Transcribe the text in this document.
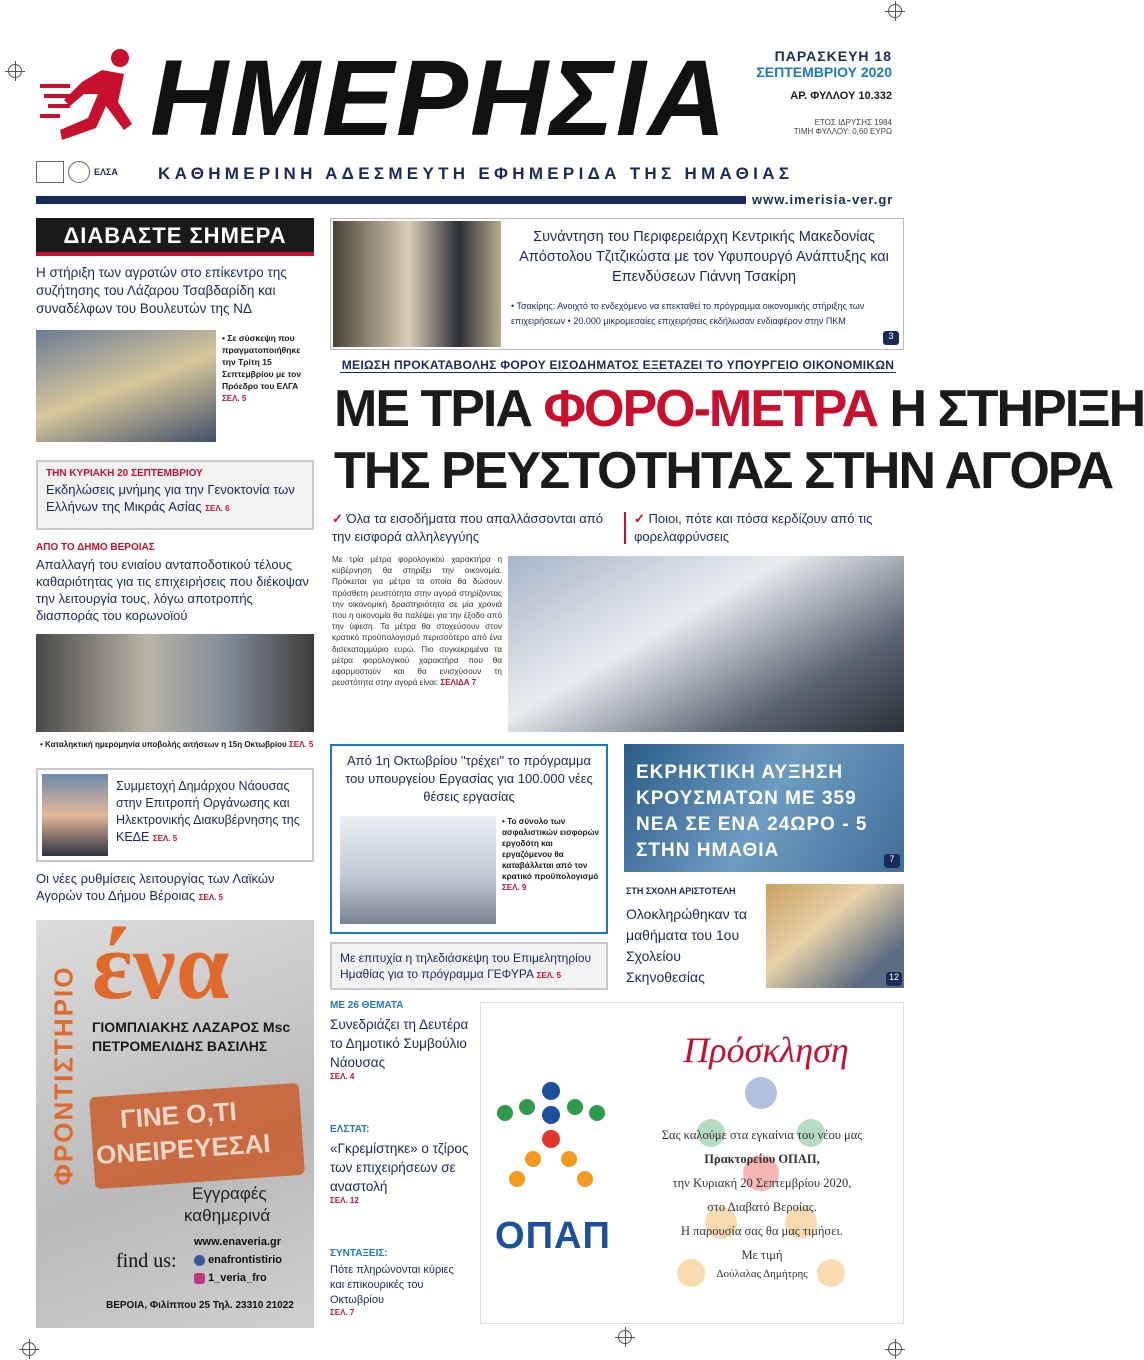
ΗΜΕΡΗΣΙΑ
ΕΛΣΑ ΚΑΘΗΜΕΡΙΝΗ ΑΔΕΣΜΕΥΤΗ ΕΦΗΜΕΡΙΔΑ ΤΗΣ ΗΜΑΘΙΑΣ
ΠΑΡΑΣΚΕΥΗ 18
ΣΕΠΤΕΜΒΡΙΟΥ 2020
ΑΡ. ΦΥΛΛΟΥ 10.332
ΕΤΟΣ ΙΔΡΥΣΗΣ 1984
ΤΙΜΗ ΦΥΛΛΟΥ: 0,60 ΕΥΡΩ
www.imerisia-ver.gr
ΔΙΑΒΑΣΤΕ ΣΗΜΕΡΑ
Η στήριξη των αγροτών στο επίκεντρο της συζήτησης του Λάζαρου Τσαβδαρίδη και συναδέλφων του Βουλευτών της ΝΔ
• Σε σύσκεψη που πραγματοποιήθηκε την Τρίτη 15 Σεπτεμβρίου με τον Πρόεδρο του ΕΛΓΑ ΣΕΛ. 5
ΤΗΝ ΚΥΡΙΑΚΗ 20 ΣΕΠΤΕΜΒΡΙΟΥ
Εκδηλώσεις μνήμης για την Γενοκτονία των Ελλήνων της Μικράς Ασίας ΣΕΛ. 6
ΑΠΟ ΤΟ ΔΗΜΟ ΒΕΡΟΙΑΣ
Απαλλαγή του ενιαίου ανταποδοτικού τέλους καθαριότητας για τις επιχειρήσεις που διέκοψαν την λειτουργία τους, λόγω αποτροπής διασποράς του κορωνοϊού
• Καταληκτική ημερομηνία υποβολής αιτήσεων η 15η Οκτωβρίου ΣΕΛ. 5
Συμμετοχή Δημάρχου Νάουσας στην Επιτροπή Οργάνωσης και Ηλεκτρονικής Διακυβέρνησης της ΚΕΔΕ ΣΕΛ. 5
Οι νέες ρυθμίσεις λειτουργίας των Λαϊκών Αγορών του Δήμου Βέροιας ΣΕΛ. 5
ΦΡΟΝΤΙΣΤΗΡΙΟ
ένα
ΓΙΟΜΠΛΙΑΚΗΣ ΛΑΖΑΡΟΣ Msc ΠΕΤΡΟΜΕΛΙΔΗΣ ΒΑΣΙΛΗΣ
ΓΙΝΕ Ο,ΤΙ
ΟΝΕΙΡΕΥΕΣΑΙ
Εγγραφές
καθημερινά
find us:
www.enaveria.gr
enafrontistirio
1_veria_fro
ΒΕΡΟΙΑ, Φιλίππου 25 Τηλ. 23310 21022
Συνάντηση του Περιφερειάρχη Κεντρικής Μακεδονίας Απόστολου Τζιτζικώστα με τον Υφυπουργό Ανάπτυξης και Επενδύσεων Γιάννη Τσακίρη
• Τσακίρης: Ανοιχτό το ενδεχόμενο να επεκταθεί το πρόγραμμα οικονομικής στήριξης των επιχειρήσεων • 20.000 μικρομεσαίες επιχειρήσεις εκδήλωσαν ενδιαφέρον στην ΠΚΜ
3
ΜΕΙΩΣΗ ΠΡΟΚΑΤΑΒΟΛΗΣ ΦΟΡΟΥ ΕΙΣΟΔΗΜΑΤΟΣ ΕΞΕΤΑΖΕΙ ΤΟ ΥΠΟΥΡΓΕΙΟ ΟΙΚΟΝΟΜΙΚΩΝ
ΜΕ ΤΡΙΑ ΦΟΡΟ-ΜΕΤΡΑ Η ΣΤΗΡΙΞΗ
ΤΗΣ ΡΕΥΣΤΟΤΗΤΑΣ ΣΤΗΝ ΑΓΟΡΑ
✓ Όλα τα εισοδήματα που απαλλάσσονται από την εισφορά αλληλεγγύης
✓ Ποιοι, πότε και πόσα κερδίζουν από τις φορελαφρύνσεις
Με τρία μέτρα φορολογικού χαρακτήρα η κυβέρνηση θα στηρίξει την οικονομία. Πρόκειται για μέτρα τα οποία θα δώσουν πρόσθετη ρευστότητα στην αγορά στηρίζοντας την οικονομική δραστηριότητα σε μία χρονιά που η οικονομία θα παλέψει για την έξοδο από την ύφεση. Τα μέτρα θα στοχεύσουν στον κρατικό προϋπολογισμό περισσότερο από ένα δισεκατομμύριο ευρώ. Πιο συγκεκριμένα τα μέτρα φορολογικού χαρακτήρα που θα εφαρμοστούν και θα ενισχύσουν τη ρευστότητα στην αγορά είναι: ΣΕΛΙΔΑ 7
Από 1η Οκτωβρίου "τρέχει" το πρόγραμμα του υπουργείου Εργασίας για 100.000 νέες θέσεις εργασίας
• Το σύνολο των ασφαλιστικών εισφορών εργοδότη και εργαζόμενου θα καταβάλλεται από τον κρατικό προϋπολογισμό ΣΕΛ. 9
Με επιτυχία η τηλεδιάσκεψη του Επιμελητηρίου Ημαθίας για το πρόγραμμα ΓΕΦΥΡΑ ΣΕΛ. 5
ΕΚΡΗΚΤΙΚΗ ΑΥΞΗΣΗ ΚΡΟΥΣΜΑΤΩΝ ΜΕ 359 ΝΕΑ ΣΕ ΕΝΑ 24ΩΡΟ - 5 ΣΤΗΝ ΗΜΑΘΙΑ	7
ΣΤΗ ΣΧΟΛΗ ΑΡΙΣΤΟΤΕΛΗ
Ολοκληρώθηκαν τα μαθήματα του 1ου Σχολείου Σκηνοθεσίας	12
ΜΕ 26 ΘΕΜΑΤΑ
Συνεδριάζει τη Δευτέρα το Δημοτικό Συμβούλιο Νάουσας
ΣΕΛ. 4
ΕΛΣΤΑΤ:
«Γκρεμίστηκε» ο τζίρος των επιχειρήσεων σε αναστολή
ΣΕΛ. 12
ΣΥΝΤΑΞΕΙΣ:
Πότε πληρώνονται κύριες και επικουρικές του Οκτωβρίου
ΣΕΛ. 7
ΟΠΑΠ
Πρόσκληση
Σας καλούμε στα εγκαίνια του νέου μας
Πρακτορείου ΟΠΑΠ,
την Κυριακή 20 Σεπτεμβρίου 2020,
στο Διαβατό Βεροίας.
Η παρουσία σας θα μας τιμήσει.
Με τιμή
Δούλαλας Δημήτρης
